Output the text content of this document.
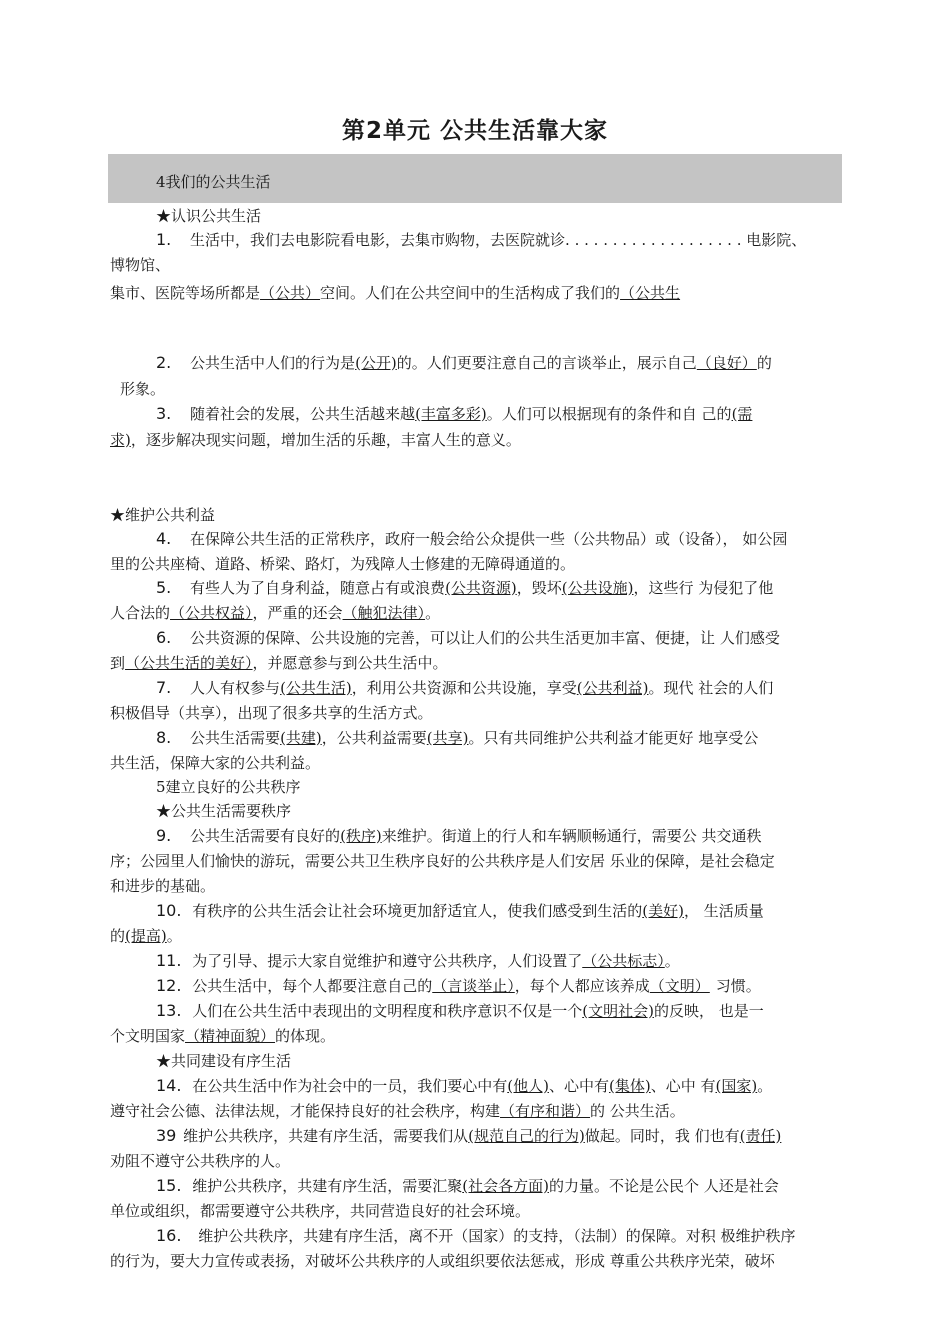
第2单元 公共生活靠大家
4我们的公共生活
★认识公共生活
1. 生活中，我们去电影院看电影，去集市购物，去医院就诊. . . . . . . . . . . . . . . . . . . 电影院、
博物馆、
集市、医院等场所都是（公共）空间。人们在公共空间中的生活构成了我们的（公共生
2. 公共生活中人们的行为是(公开)的。人们更要注意自己的言谈举止，展示自己（良好）的
形象。
3. 随着社会的发展，公共生活越来越(丰富多彩)。人们可以根据现有的条件和自 己的(需
求)，逐步解决现实问题，增加生活的乐趣，丰富人生的意义。
★维护公共利益
4. 在保障公共生活的正常秩序，政府一般会给公众提供一些（公共物品）或（设备）， 如公园
里的公共座椅、道路、桥梁、路灯，为残障人士修建的无障碍通道的。
5. 有些人为了自身利益，随意占有或浪费(公共资源)，毁坏(公共设施)，这些行 为侵犯了他
人合法的（公共权益），严重的还会（触犯法律）。
6. 公共资源的保障、公共设施的完善，可以让人们的公共生活更加丰富、便捷，让 人们感受
到（公共生活的美好），并愿意参与到公共生活中。
7. 人人有权参与(公共生活)，利用公共资源和公共设施，享受(公共利益)。现代 社会的人们
积极倡导（共享），出现了很多共享的生活方式。
8. 公共生活需要(共建)，公共利益需要(共享)。只有共同维护公共利益才能更好 地享受公
共生活，保障大家的公共利益。
5建立良好的公共秩序
★公共生活需要秩序
9. 公共生活需要有良好的(秩序)来维护。街道上的行人和车辆顺畅通行，需要公 共交通秩
序；公园里人们愉快的游玩，需要公共卫生秩序良好的公共秩序是人们安居 乐业的保障，是社会稳定
和进步的基础。
10. 有秩序的公共生活会让社会环境更加舒适宜人，使我们感受到生活的(美好)， 生活质量
的(提高)。
11. 为了引导、提示大家自觉维护和遵守公共秩序，人们设置了（公共标志）。
12. 公共生活中，每个人都要注意自己的（言谈举止），每个人都应该养成（文明） 习惯。
13. 人们在公共生活中表现出的文明程度和秩序意识不仅是一个(文明社会)的反映， 也是一
个文明国家（精神面貌）的体现。
★共同建设有序生活
14. 在公共生活中作为社会中的一员，我们要心中有(他人)、心中有(集体)、心中 有(国家)。
遵守社会公德、法律法规，才能保持良好的社会秩序，构建（有序和谐）的 公共生活。
39 维护公共秩序，共建有序生活，需要我们从(规范自己的行为)做起。同时，我 们也有(责任)
劝阻不遵守公共秩序的人。
15. 维护公共秩序，共建有序生活，需要汇聚(社会各方面)的力量。不论是公民个 人还是社会
单位或组织，都需要遵守公共秩序，共同营造良好的社会环境。
16. 维护公共秩序，共建有序生活，离不开（国家）的支持，（法制）的保障。对积 极维护秩序
的行为，要大力宣传或表扬，对破坏公共秩序的人或组织要依法惩戒，形成 尊重公共秩序光荣，破坏
